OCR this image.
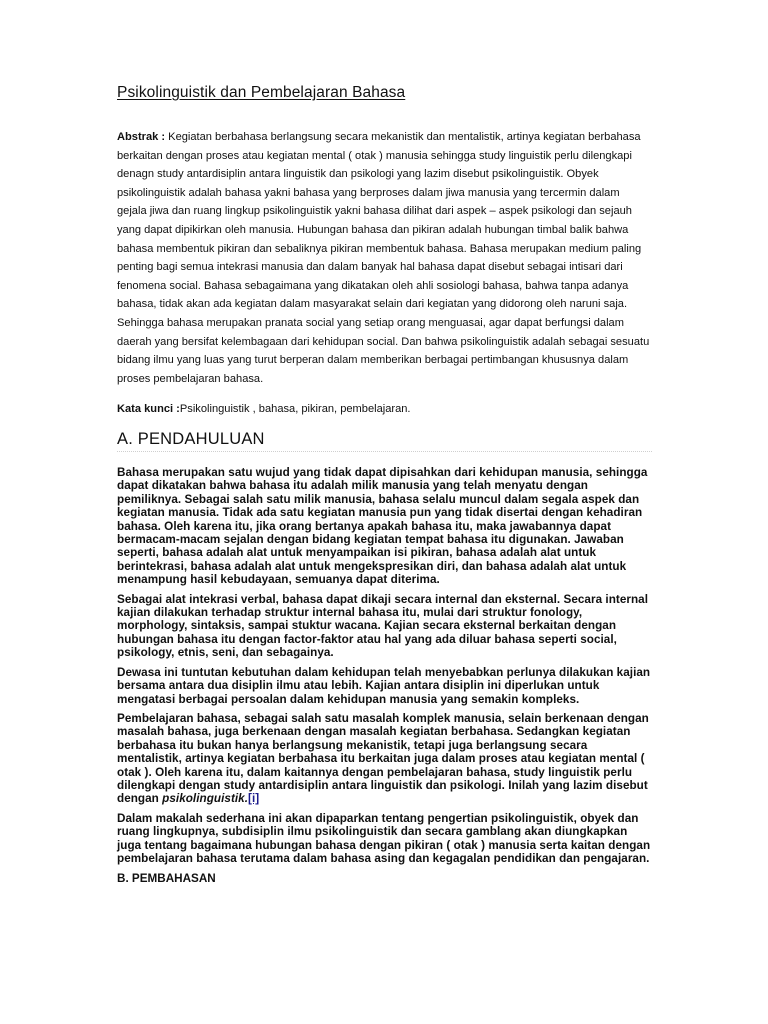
Psikolinguistik dan Pembelajaran Bahasa
Abstrak : Kegiatan berbahasa berlangsung secara mekanistik dan mentalistik, artinya kegiatan berbahasa berkaitan dengan proses atau kegiatan mental ( otak ) manusia sehingga study linguistik perlu dilengkapi denagn study antardisiplin antara linguistik dan psikologi yang lazim disebut psikolinguistik. Obyek psikolinguistik adalah bahasa yakni bahasa yang berproses dalam jiwa manusia yang tercermin dalam gejala jiwa dan ruang lingkup psikolinguistik yakni bahasa dilihat dari aspek – aspek psikologi dan sejauh yang dapat dipikirkan oleh manusia. Hubungan bahasa dan pikiran adalah hubungan timbal balik bahwa bahasa membentuk pikiran dan sebaliknya pikiran membentuk bahasa. Bahasa merupakan medium paling penting bagi semua intekrasi manusia dan dalam banyak hal bahasa dapat disebut sebagai intisari dari fenomena social. Bahasa sebagaimana yang dikatakan oleh ahli sosiologi bahasa, bahwa tanpa adanya bahasa, tidak akan ada kegiatan dalam masyarakat selain dari kegiatan yang didorong oleh naruni saja. Sehingga bahasa merupakan pranata social yang setiap orang menguasai, agar dapat berfungsi dalam daerah yang bersifat kelembagaan dari kehidupan social. Dan bahwa psikolinguistik adalah sebagai sesuatu bidang ilmu yang luas yang turut berperan dalam memberikan berbagai pertimbangan khususnya dalam proses pembelajaran bahasa.
Kata kunci :Psikolinguistik , bahasa, pikiran, pembelajaran.
A. PENDAHULUAN

Bahasa merupakan satu wujud yang tidak dapat dipisahkan dari kehidupan manusia, sehingga dapat dikatakan bahwa bahasa itu adalah milik manusia yang telah menyatu dengan pemiliknya. Sebagai salah satu milik manusia, bahasa selalu muncul dalam segala aspek dan kegiatan manusia. Tidak ada satu kegiatan manusia pun yang tidak disertai dengan kehadiran bahasa. Oleh karena itu, jika orang bertanya apakah bahasa itu, maka jawabannya dapat bermacam-macam sejalan dengan bidang kegiatan tempat bahasa itu digunakan. Jawaban seperti, bahasa adalah alat untuk menyampaikan isi pikiran, bahasa adalah alat untuk berintekrasi, bahasa adalah alat untuk mengekspresikan diri, dan bahasa adalah alat untuk menampung hasil kebudayaan, semuanya dapat diterima.

Sebagai alat intekrasi verbal, bahasa dapat dikaji secara internal dan eksternal. Secara internal kajian dilakukan terhadap struktur internal bahasa itu, mulai dari struktur fonology, morphology, sintaksis, sampai stuktur wacana. Kajian secara eksternal berkaitan dengan hubungan bahasa itu dengan factor-faktor atau hal yang ada diluar bahasa seperti social, psikology, etnis, seni, dan sebagainya.

Dewasa ini tuntutan kebutuhan dalam kehidupan telah menyebabkan perlunya dilakukan kajian bersama antara dua disiplin ilmu atau lebih. Kajian antara disiplin ini diperlukan untuk mengatasi berbagai persoalan dalam kehidupan manusia yang semakin kompleks.

Pembelajaran bahasa, sebagai salah satu masalah komplek manusia, selain berkenaan dengan masalah bahasa, juga berkenaan dengan masalah kegiatan berbahasa. Sedangkan kegiatan berbahasa itu bukan hanya berlangsung mekanistik, tetapi juga berlangsung secara mentalistik, artinya kegiatan berbahasa itu berkaitan juga dalam proses atau kegiatan mental ( otak ). Oleh karena itu, dalam kaitannya dengan pembelajaran bahasa, study linguistik perlu dilengkapi dengan study antardisiplin antara linguistik dan psikologi. Inilah yang lazim disebut dengan psikolinguistik.[i]

Dalam makalah sederhana ini akan dipaparkan tentang pengertian psikolinguistik, obyek dan ruang lingkupnya, subdisiplin ilmu psikolinguistik dan secara gamblang akan diungkapkan juga tentang bagaimana hubungan bahasa dengan pikiran ( otak ) manusia serta kaitan dengan pembelajaran bahasa terutama dalam bahasa asing dan kegagalan pendidikan dan pengajaran.

B. PEMBAHASAN
